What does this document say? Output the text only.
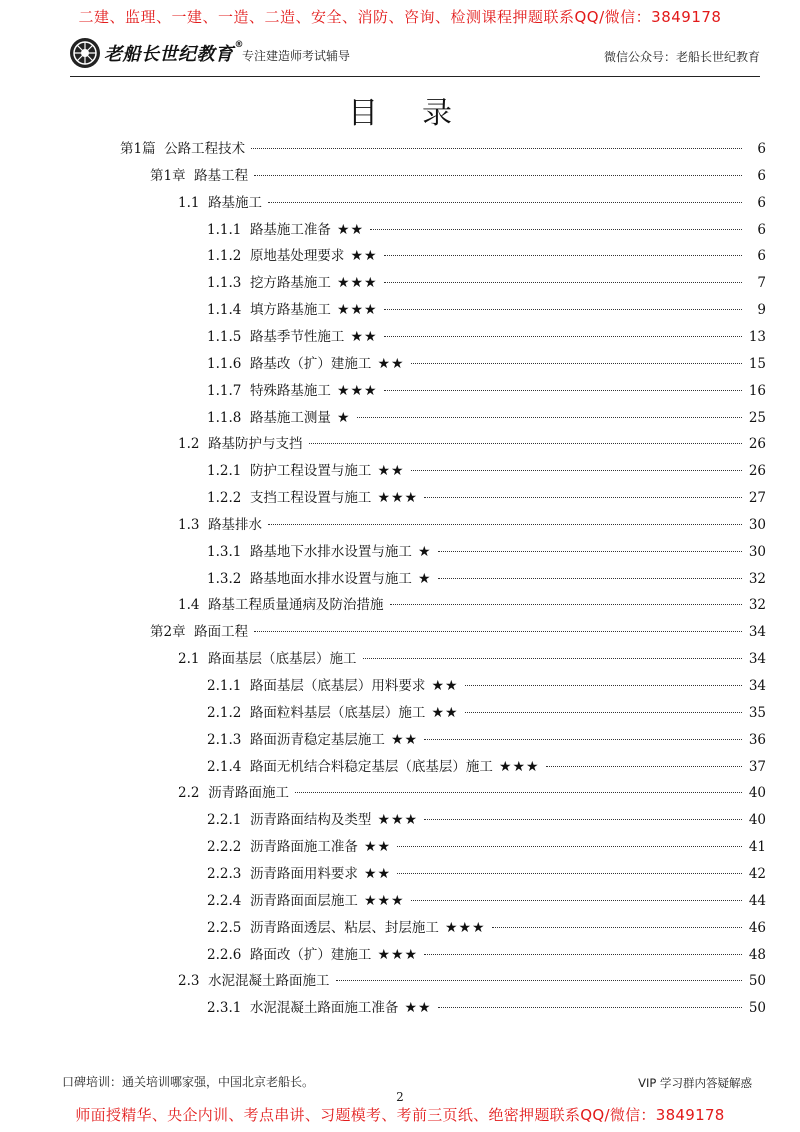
二建、监理、一建、一造、二造、安全、消防、咨询、检测课程押题联系QQ/微信：3849178
老船长世纪教育®
专注建造师考试辅导	微信公众号：老船长世纪教育
目录
第1篇 公路工程技术	6
第1章 路基工程	6
1.1 路基施工	6
1.1.1 路基施工准备 ★★	6
1.1.2 原地基处理要求 ★★	6
1.1.3 挖方路基施工 ★★★	7
1.1.4 填方路基施工 ★★★	9
1.1.5 路基季节性施工 ★★	13
1.1.6 路基改（扩）建施工 ★★	15
1.1.7 特殊路基施工 ★★★	16
1.1.8 路基施工测量 ★	25
1.2 路基防护与支挡	26
1.2.1 防护工程设置与施工 ★★	26
1.2.2 支挡工程设置与施工 ★★★	27
1.3 路基排水	30
1.3.1 路基地下水排水设置与施工 ★	30
1.3.2 路基地面水排水设置与施工 ★	32
1.4 路基工程质量通病及防治措施	32
第2章 路面工程	34
2.1 路面基层（底基层）施工	34
2.1.1 路面基层（底基层）用料要求 ★★	34
2.1.2 路面粒料基层（底基层）施工 ★★	35
2.1.3 路面沥青稳定基层施工 ★★	36
2.1.4 路面无机结合料稳定基层（底基层）施工 ★★★	37
2.2 沥青路面施工	40
2.2.1 沥青路面结构及类型 ★★★	40
2.2.2 沥青路面施工准备 ★★	41
2.2.3 沥青路面用料要求 ★★	42
2.2.4 沥青路面面层施工 ★★★	44
2.2.5 沥青路面透层、粘层、封层施工 ★★★	46
2.2.6 路面改（扩）建施工 ★★★	48
2.3 水泥混凝土路面施工	50
2.3.1 水泥混凝土路面施工准备 ★★	50
口碑培训：通关培训哪家强，中国北京老船长。	VIP 学习群内答疑解惑
2
师面授精华、央企内训、考点串讲、习题模考、考前三页纸、绝密押题联系QQ/微信：3849178
